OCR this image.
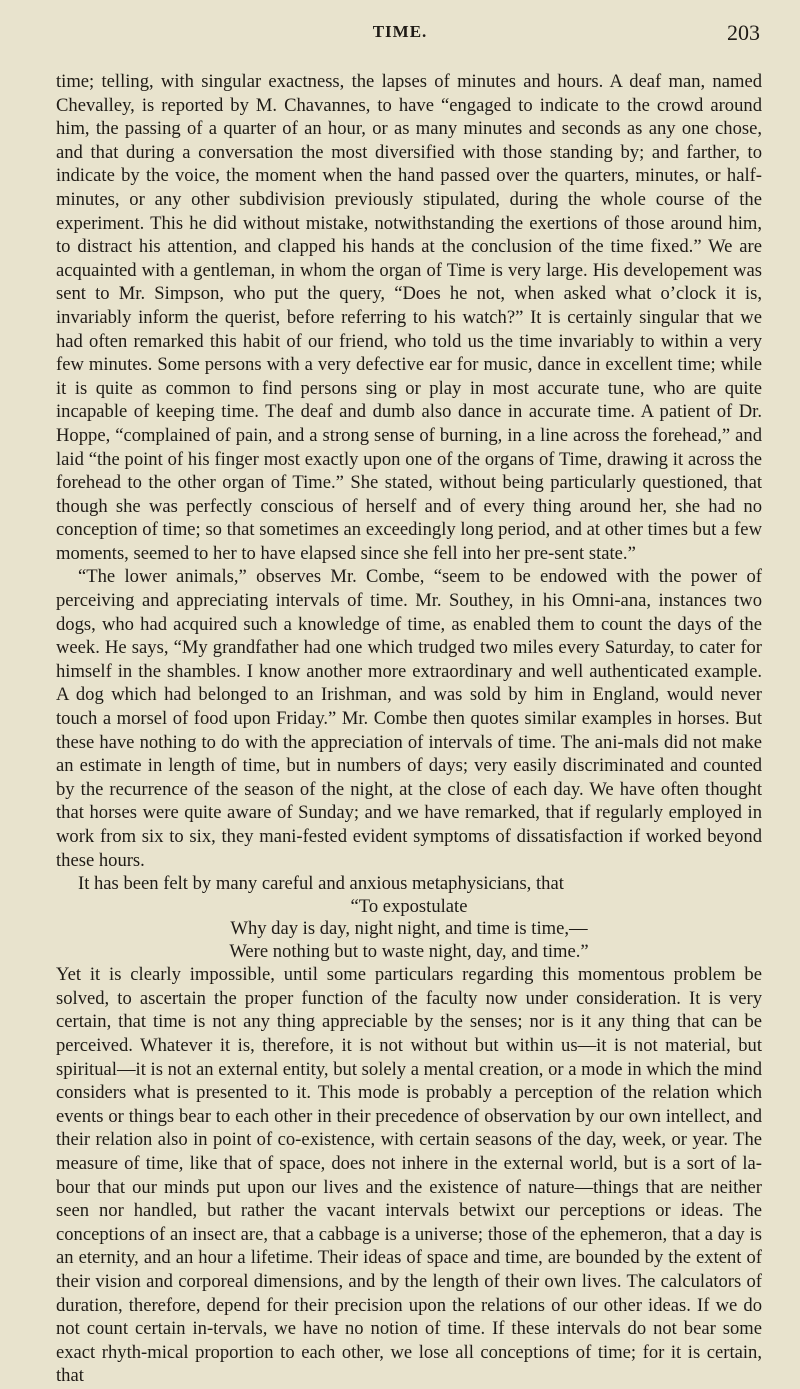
TIME.	203

time; telling, with singular exactness, the lapses of minutes and hours. A deaf man, named Chevalley, is reported by M. Chavannes, to have “engaged to indicate to the crowd around him, the passing of a quarter of an hour, or as many minutes and seconds as any one chose, and that during a conversation the most diversified with those standing by; and farther, to indicate by the voice, the moment when the hand passed over the quarters, minutes, or half-minutes, or any other subdivision previously stipulated, during the whole course of the experiment. This he did without mistake, notwithstanding the exertions of those around him, to distract his attention, and clapped his hands at the conclusion of the time fixed.” We are acquainted with a gentleman, in whom the organ of Time is very large. His developement was sent to Mr. Simpson, who put the query, “Does he not, when asked what o’clock it is, invariably inform the querist, before referring to his watch?” It is certainly singular that we had often remarked this habit of our friend, who told us the time invariably to within a very few minutes. Some persons with a very defective ear for music, dance in excellent time; while it is quite as common to find persons sing or play in most accurate tune, who are quite incapable of keeping time. The deaf and dumb also dance in accurate time. A patient of Dr. Hoppe, “complained of pain, and a strong sense of burning, in a line across the forehead,” and laid “the point of his finger most exactly upon one of the organs of Time, drawing it across the forehead to the other organ of Time.” She stated, without being particularly questioned, that though she was perfectly conscious of herself and of every thing around her, she had no conception of time; so that sometimes an exceedingly long period, and at other times but a few moments, seemed to her to have elapsed since she fell into her pre-sent state.”

“The lower animals,” observes Mr. Combe, “seem to be endowed with the power of perceiving and appreciating intervals of time. Mr. Southey, in his Omni-ana, instances two dogs, who had acquired such a knowledge of time, as enabled them to count the days of the week. He says, “My grandfather had one which trudged two miles every Saturday, to cater for himself in the shambles. I know another more extraordinary and well authenticated example. A dog which had belonged to an Irishman, and was sold by him in England, would never touch a morsel of food upon Friday.” Mr. Combe then quotes similar examples in horses. But these have nothing to do with the appreciation of intervals of time. The ani-mals did not make an estimate in length of time, but in numbers of days; very easily discriminated and counted by the recurrence of the season of the night, at the close of each day. We have often thought that horses were quite aware of Sunday; and we have remarked, that if regularly employed in work from six to six, they mani-fested evident symptoms of dissatisfaction if worked beyond these hours.

It has been felt by many careful and anxious metaphysicians, that

“To expostulate
Why day is day, night night, and time is time,—
Were nothing but to waste night, day, and time.”

Yet it is clearly impossible, until some particulars regarding this momentous problem be solved, to ascertain the proper function of the faculty now under consideration. It is very certain, that time is not any thing appreciable by the senses; nor is it any thing that can be perceived. Whatever it is, therefore, it is not without but within us—it is not material, but spiritual—it is not an external entity, but solely a mental creation, or a mode in which the mind considers what is presented to it. This mode is probably a perception of the relation which events or things bear to each other in their precedence of observation by our own intellect, and their relation also in point of co-existence, with certain seasons of the day, week, or year. The measure of time, like that of space, does not inhere in the external world, but is a sort of la-bour that our minds put upon our lives and the existence of nature—things that are neither seen nor handled, but rather the vacant intervals betwixt our perceptions or ideas. The conceptions of an insect are, that a cabbage is a universe; those of the ephemeron, that a day is an eternity, and an hour a lifetime. Their ideas of space and time, are bounded by the extent of their vision and corporeal dimensions, and by the length of their own lives. The calculators of duration, therefore, depend for their precision upon the relations of our other ideas. If we do not count certain in-tervals, we have no notion of time. If these intervals do not bear some exact rhyth-mical proportion to each other, we lose all conceptions of time; for it is certain, that
